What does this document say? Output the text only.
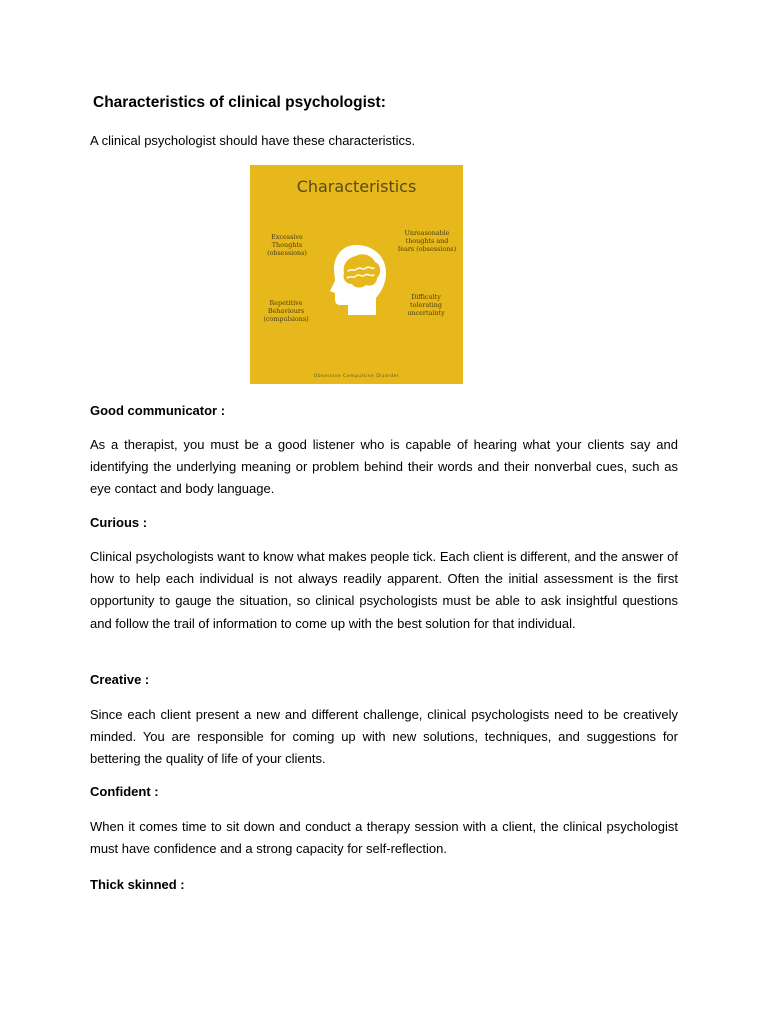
Characteristics of clinical psychologist:

A clinical psychologist should have these characteristics.

Characteristics
Excessive Thoughts (obsessions)
Unreasonable thoughts and fears (obsessions)
Repetitive Behaviours (compulsions)
Difficulty tolerating uncertainty
Obsessive Compulsive Disorder
Good communicator :

As a therapist, you must be a good listener who is capable of hearing what your clients say and identifying the underlying meaning or problem behind their words and their nonverbal cues, such as eye contact and body language.

Curious :

Clinical psychologists want to know what makes people tick. Each client is different, and the answer of how to help each individual is not always readily apparent. Often the initial assessment is the first opportunity to gauge the situation, so clinical psychologists must be able to ask insightful questions and follow the trail of information to come up with the best solution for that individual.

Creative :

Since each client present a new and different challenge, clinical psychologists need to be creatively minded. You are responsible for coming up with new solutions, techniques, and suggestions for bettering the quality of life of your clients.

Confident :

When it comes time to sit down and conduct a therapy session with a client, the clinical psychologist must have confidence and a strong capacity for self-reflection.

Thick skinned :
